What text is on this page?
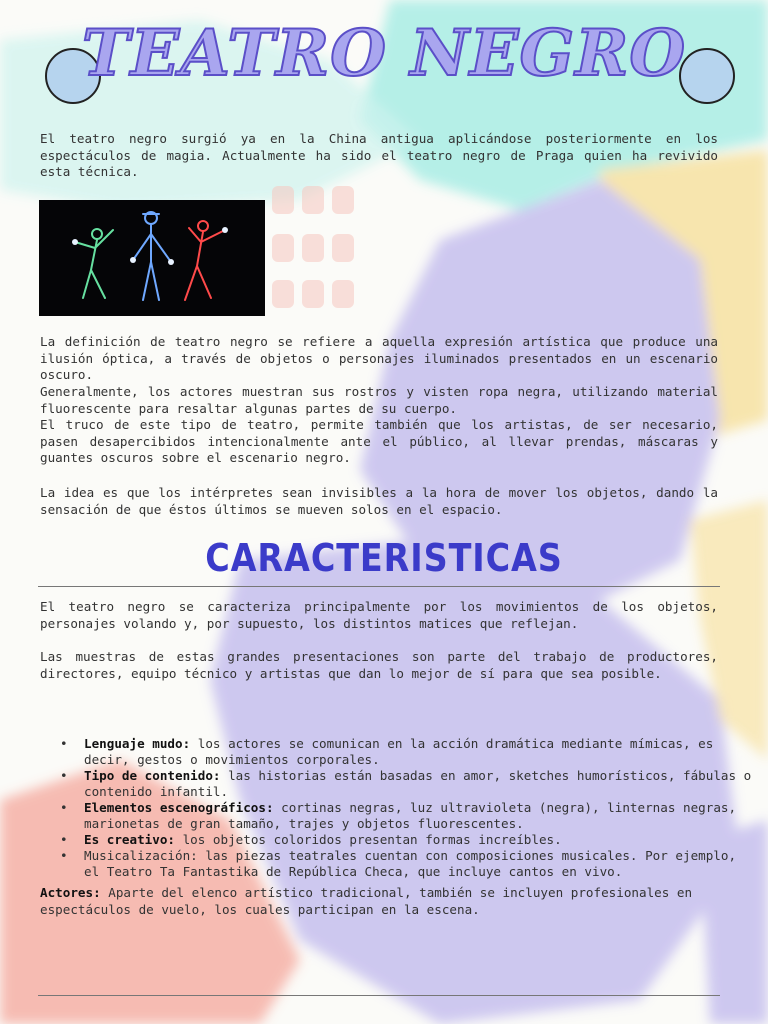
TEATRO NEGRO

El teatro negro surgió ya en la China antigua aplicándose posteriormente en los espectáculos de magia. Actualmente ha sido el teatro negro de Praga quien ha revivido esta técnica.

La definición de teatro negro se refiere a aquella expresión artística que produce una ilusión óptica, a través de objetos o personajes iluminados presentados en un escenario oscuro.

Generalmente, los actores muestran sus rostros y visten ropa negra, utilizando material fluorescente para resaltar algunas partes de su cuerpo.

El truco de este tipo de teatro, permite también que los artistas, de ser necesario, pasen desapercibidos intencionalmente ante el público, al llevar prendas, máscaras y guantes oscuros sobre el escenario negro.

La idea es que los intérpretes sean invisibles a la hora de mover los objetos, dando la sensación de que éstos últimos se mueven solos en el espacio.

CARACTERISTICAS

El teatro negro se caracteriza principalmente por los movimientos de los objetos, personajes volando y, por supuesto, los distintos matices que reflejan.

Las muestras de estas grandes presentaciones son parte del trabajo de productores, directores, equipo técnico y artistas que dan lo mejor de sí para que sea posible.

• Lenguaje mudo: los actores se comunican en la acción dramática mediante mímicas, es decir, gestos o movimientos corporales.
• Tipo de contenido: las historias están basadas en amor, sketches humorísticos, fábulas o contenido infantil.
• Elementos escenográficos: cortinas negras, luz ultravioleta (negra), linternas negras, marionetas de gran tamaño, trajes y objetos fluorescentes.
• Es creativo: los objetos coloridos presentan formas increíbles.
• Musicalización: las piezas teatrales cuentan con composiciones musicales. Por ejemplo, el Teatro Ta Fantastika de República Checa, que incluye cantos en vivo.

Actores: Aparte del elenco artístico tradicional, también se incluyen profesionales en espectáculos de vuelo, los cuales participan en la escena.
